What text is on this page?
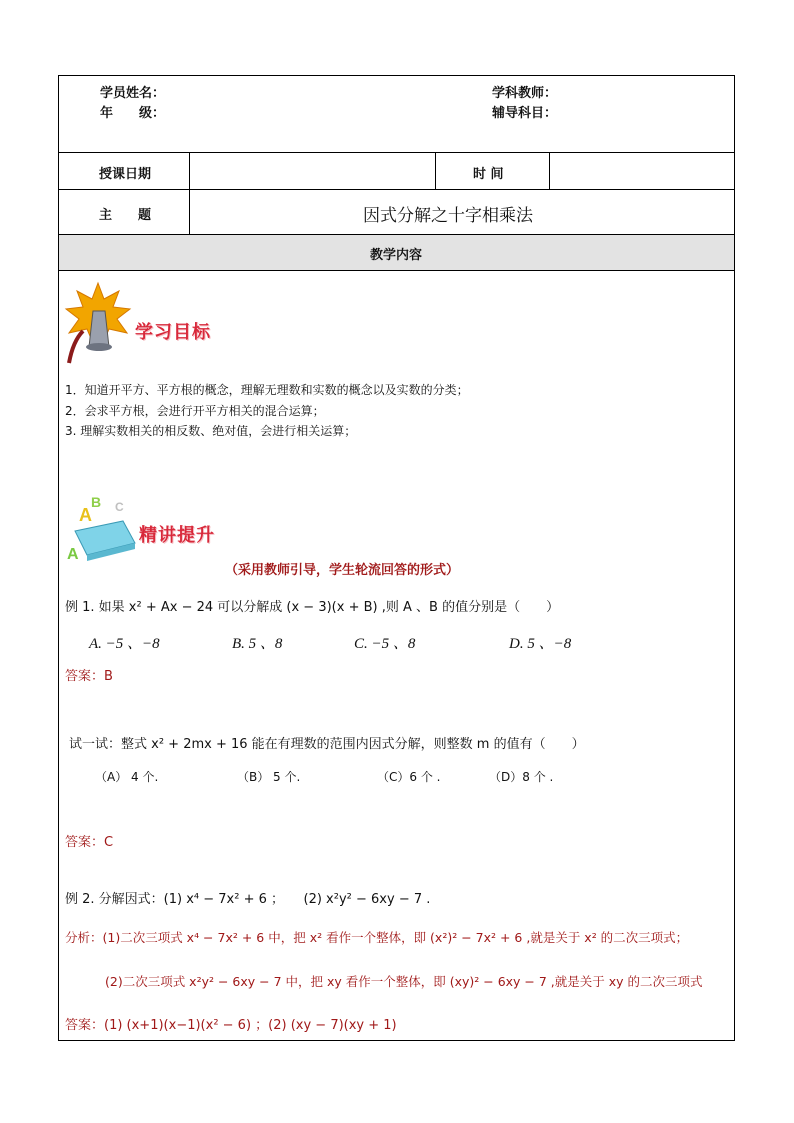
学员姓名：
年　　级：
学科教师：
辅导科目：
授课日期	时 间
主　　题	因式分解之十字相乘法
教学内容
学习目标
1．知道开平方、平方根的概念，理解无理数和实数的概念以及实数的分类；
2．会求平方根，会进行开平方相关的混合运算；
3. 理解实数相关的相反数、绝对值，会进行相关运算；
A
B C
A
精讲提升
（采用教师引导，学生轮流回答的形式）
例 1. 如果 x² + Ax − 24 可以分解成 (x − 3)(x + B) ,则 A 、B 的值分别是（　　）
A. −5 、−8	B. 5 、8	C. −5 、8	D. 5 、−8
答案：B
试一试：整式 x² + 2mx + 16 能在有理数的范围内因式分解，则整数 m 的值有（　　）
（A） 4 个.	（B） 5 个.	（C）6 个 .	（D）8 个 .
答案：C
例 2. 分解因式：(1) x⁴ − 7x² + 6 ；　　(2) x²y² − 6xy − 7 .
分析：(1)二次三项式 x⁴ − 7x² + 6 中，把 x² 看作一个整体，即 (x²)² − 7x² + 6 ,就是关于 x² 的二次三项式；
(2)二次三项式 x²y² − 6xy − 7 中，把 xy 看作一个整体，即 (xy)² − 6xy − 7 ,就是关于 xy 的二次三项式
答案：(1) (x+1)(x−1)(x² − 6) ；(2) (xy − 7)(xy + 1)
